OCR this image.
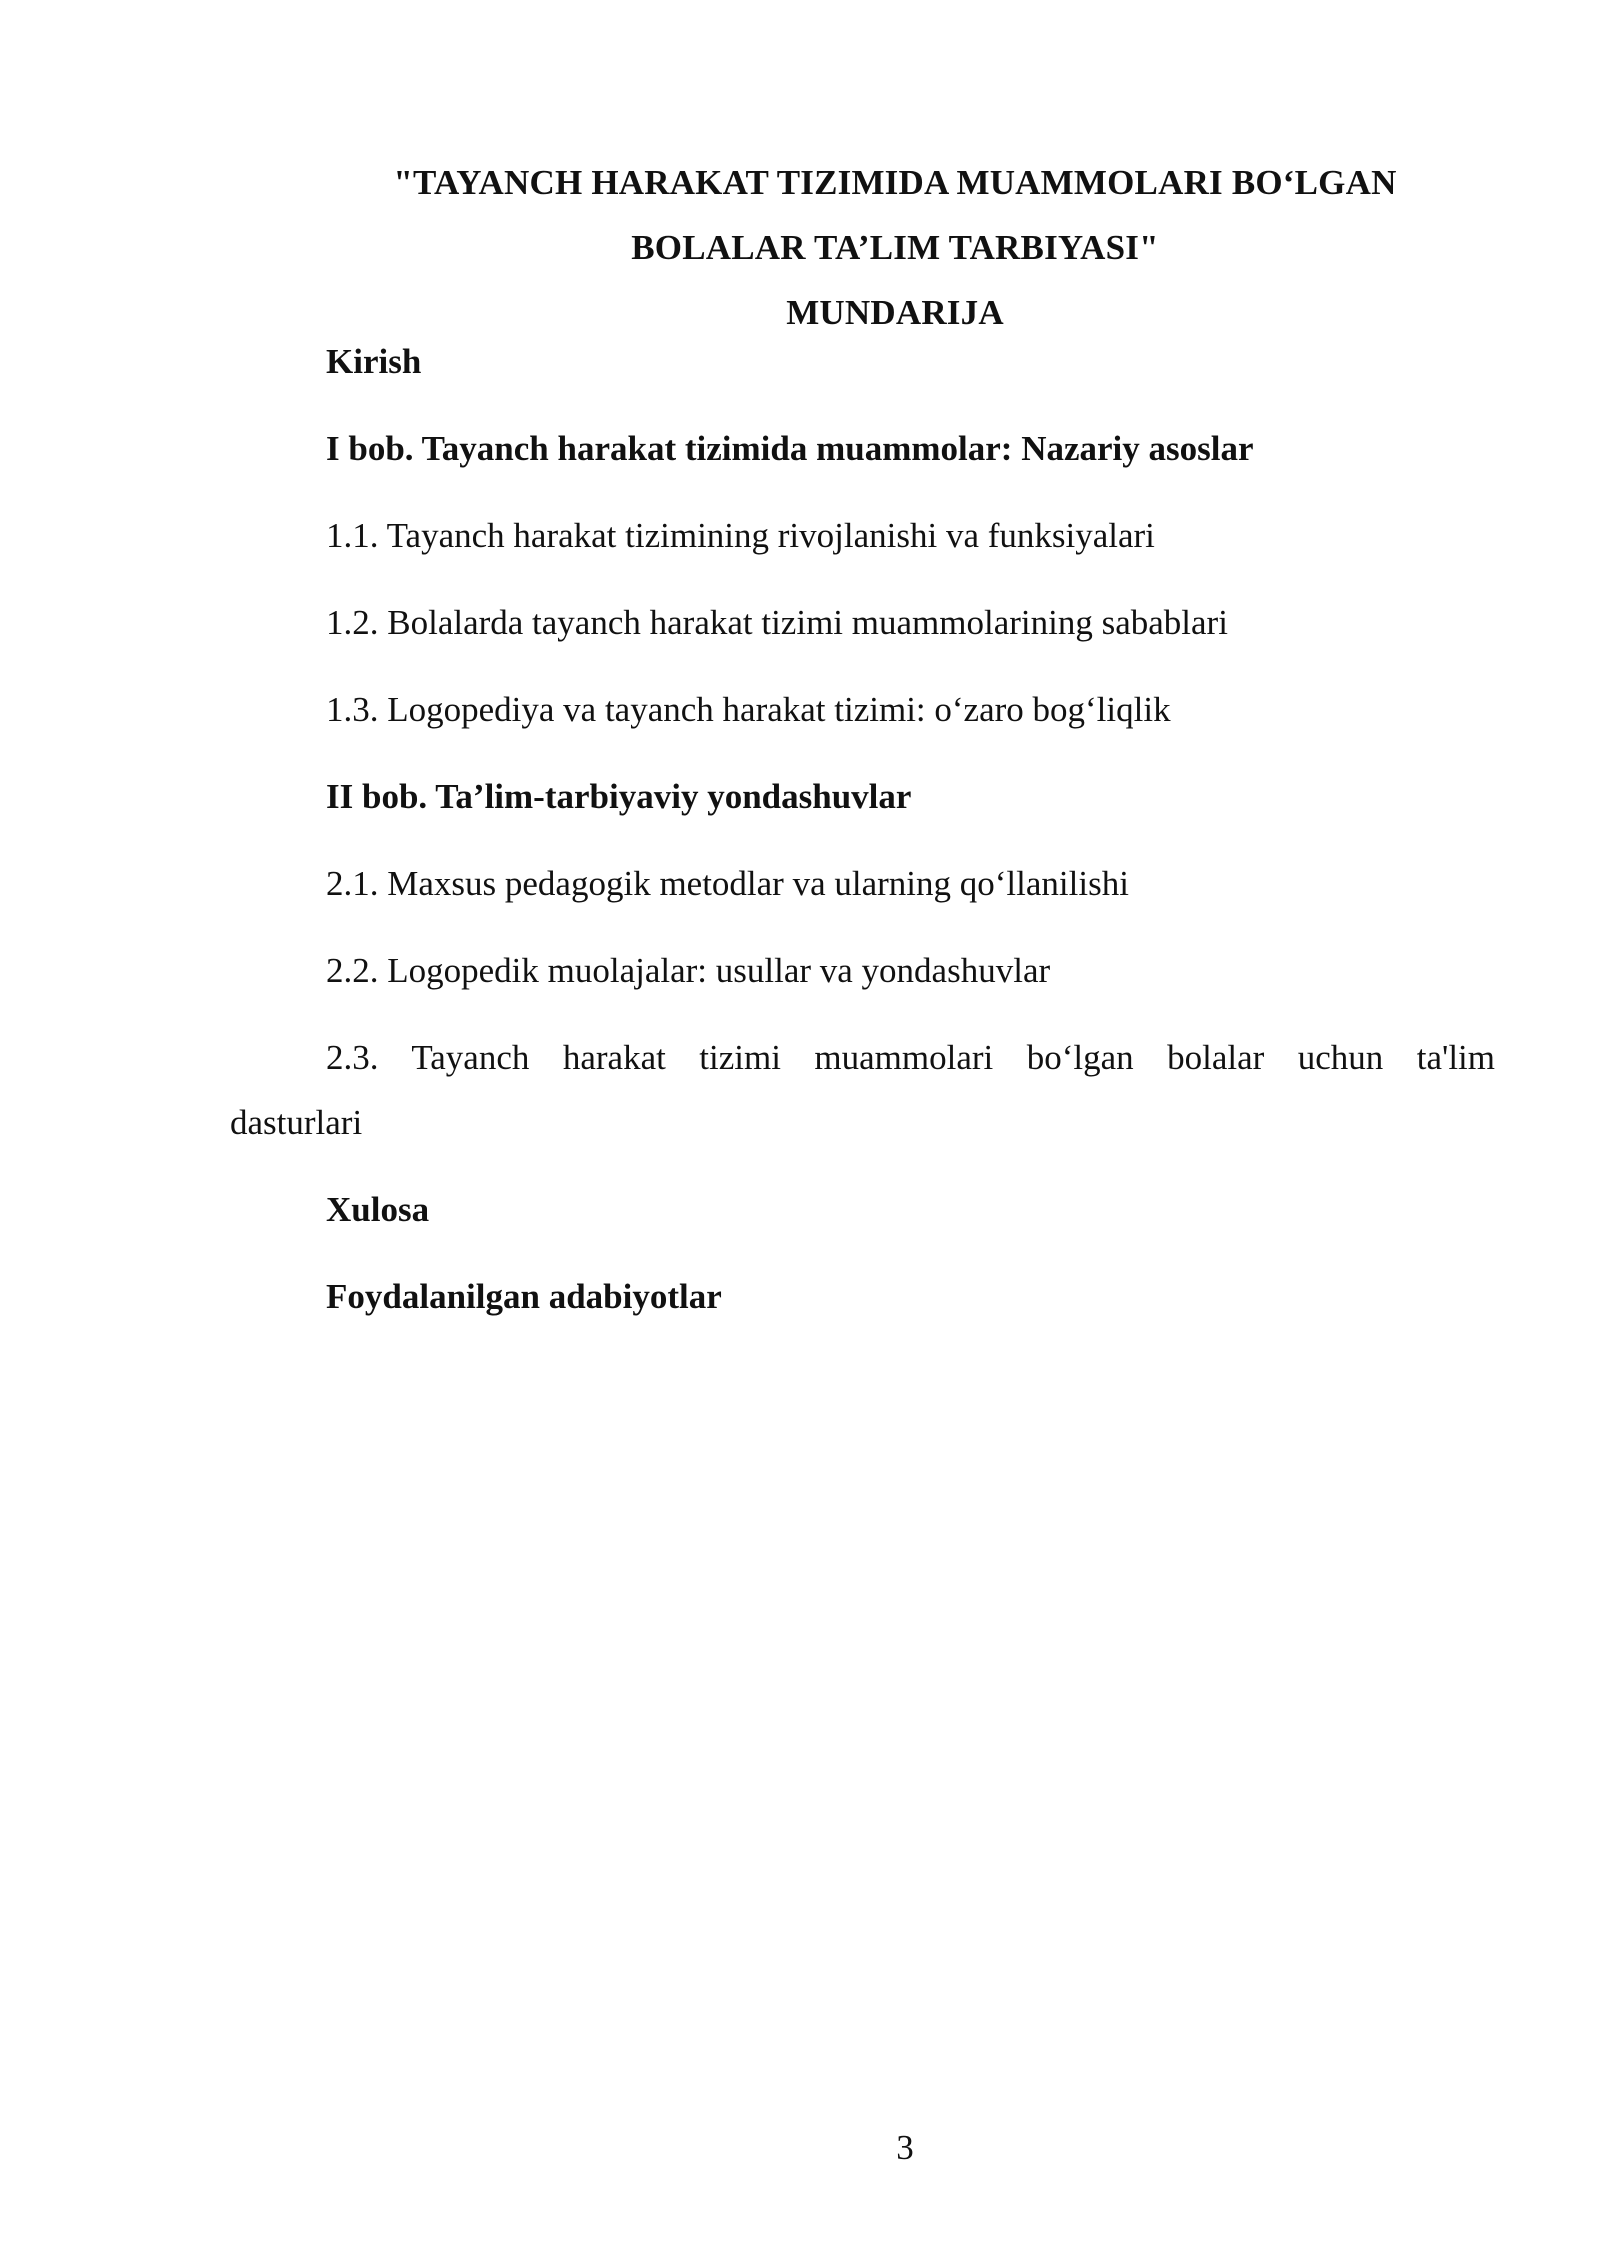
"TAYANCH HARAKAT TIZIMIDA MUAMMOLARI BO‘LGAN
BOLALAR TA’LIM TARBIYASI"
MUNDARIJA
Kirish
I bob. Tayanch harakat tizimida muammolar: Nazariy asoslar
1.1. Tayanch harakat tizimining rivojlanishi va funksiyalari
1.2. Bolalarda tayanch harakat tizimi muammolarining sabablari
1.3. Logopediya va tayanch harakat tizimi: o‘zaro bog‘liqlik
II bob. Ta’lim-tarbiyaviy yondashuvlar
2.1. Maxsus pedagogik metodlar va ularning qo‘llanilishi
2.2. Logopedik muolajalar: usullar va yondashuvlar
2.3. Tayanch harakat tizimi muammolari bo‘lgan bolalar uchun ta'lim
dasturlari
Xulosa
Foydalanilgan adabiyotlar
3
